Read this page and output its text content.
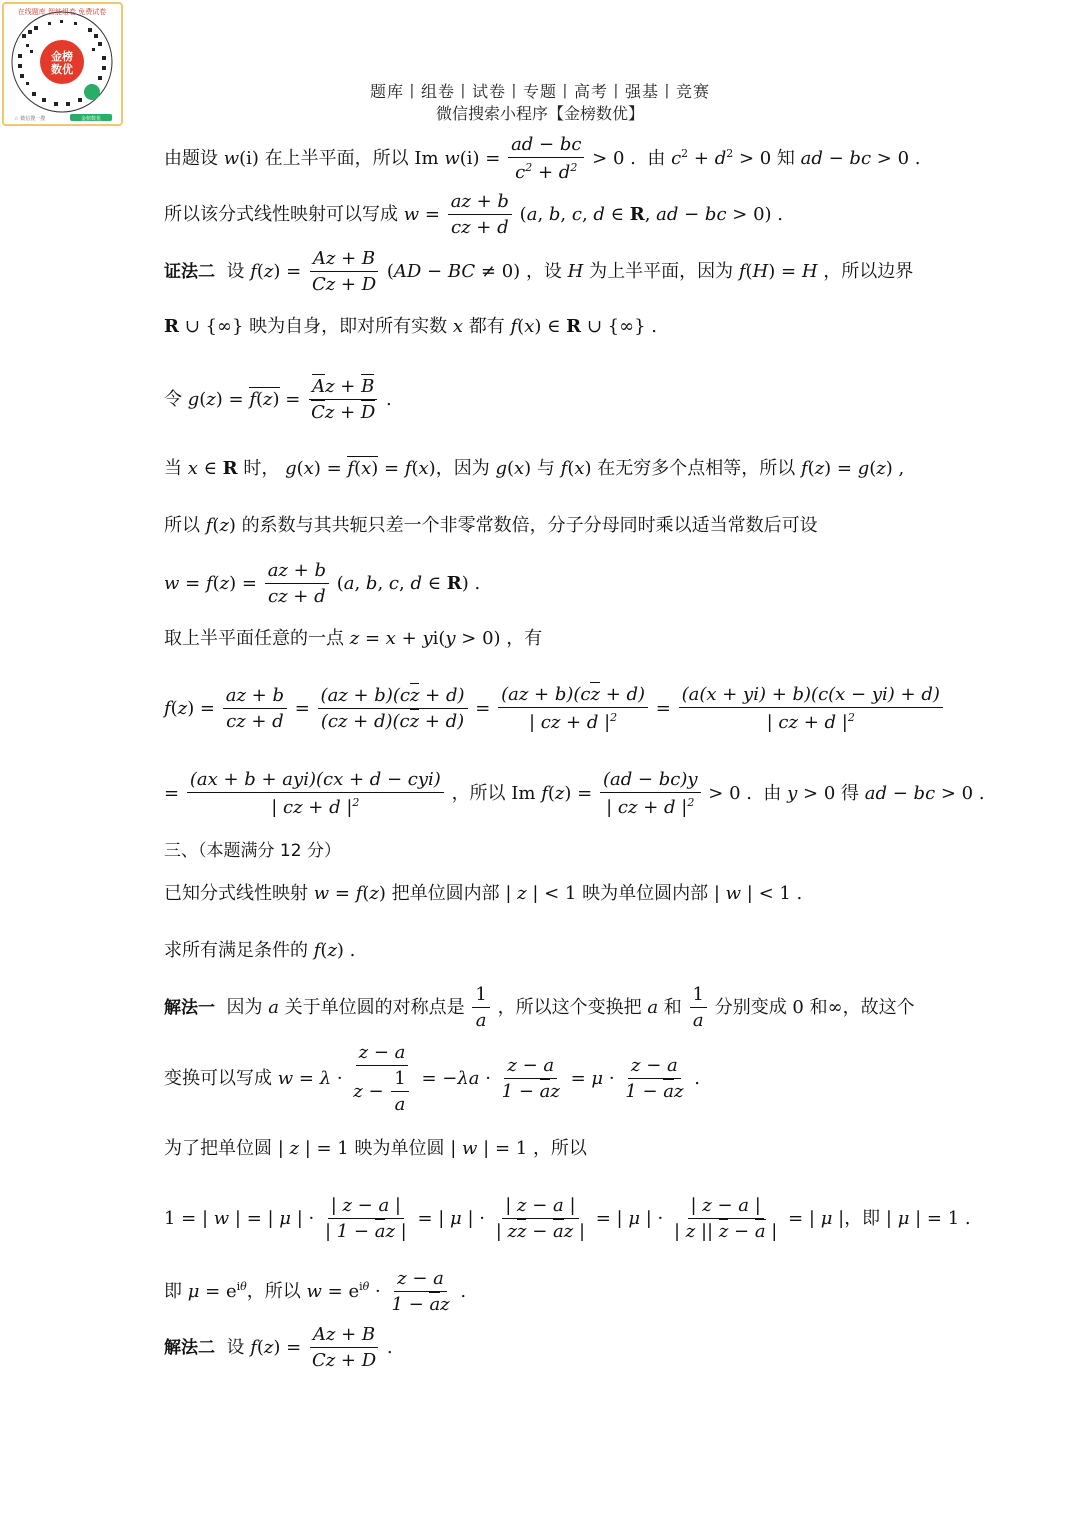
金榜
数优
在线题库 智能组卷 免费试卷
☆ 微信搜一搜	金榜数优
题库丨组卷丨试卷丨专题丨高考丨强基丨竞赛
微信搜索小程序【金榜数优】
由题设 w(i) 在上半平面，所以 Im $w(i) = \frac{ad - bc}{c^2 + d^2} > 0$ .  由 $c^2 + d^2 > 0$ 知 ad − bc > 0 .
所以该分式线性映射可以写成 $w = \frac{az + b}{cz + d} (a$, b, c, d ∈ R, ad − bc > 0) .
证法二 设 $f(z) = \frac{Az + B}{Cz + D} (AD$ − BC ≠ 0) ，设 H 为上半平面，因为 f(H) = H ，所以边界
R ∪ {∞} 映为自身，即对所有实数 x 都有 f(x) ∈ R ∪ {∞} .
令 $g(z) = f(z) = \frac{Az + B}{Cz + D}$ .
当 x ∈ R 时， g(x) = f(x) = f(x)，因为 g(x) 与 f(x) 在无穷多个点相等，所以 f(z) = g(z) ,
所以 f(z) 的系数与其共轭只差一个非零常数倍，分子分母同时乘以适当常数后可设
$w = f(z) = \frac{az + b}{cz + d} (a$, b, c, d ∈ R) .
取上半平面任意的一点 z = x + yi(y > 0) ，有
$f(z) = \frac{az + b}{cz + d} = \frac{(az + b)(cz + d)}{(cz + d)(cz + d)} = \frac{(az + b)(cz + d)}{| cz + d |^2} = \frac{(a(x + yi) + b)(c(x - yi) + d)}{| cz + d |^2}$
= $\frac{\text{(ax + b + ayi)(cx + d − cyi)}}{| cz + d |^2}$ ，所以 Im $f(z) = \frac{(ad - bc)y}{| cz + d |^2} > 0$ .  由 y > 0 得 ad − bc > 0 .
三、（本题满分 12 分）
已知分式线性映射 w = f(z) 把单位圆内部 | z | < 1 映为单位圆内部 | w | < 1 .
求所有满足条件的 f(z) .
解法一 因为 a 关于单位圆的对称点是 $\frac{1}{a}$ ，所以这个变换把 a 和 $\frac{1}{a}$ 分别变成 0 和∞，故这个
变换可以写成 $w = \lambda \cdot \frac{z - a}{z - \frac{1}{a}} = -\lambda a \cdot \frac{z - a}{1 - az} = \mu \cdot \frac{z - a}{1 - az}$ .
为了把单位圆 | z | = 1 映为单位圆 | w | = 1 ，所以
1 = | w | = | μ | · $\frac{| z - a |}{| 1 - az |}$ = | μ | · $\frac{| z - a |}{| zz - az |}$ = | μ | · $\frac{| z - a |}{| z || z - a |}$ = | μ |，即 | μ | = 1 .
即 $\mu = e^{i\theta}$，所以 $w = e^{i\theta} \cdot \frac{z - a}{1 - az}$ .
解法二 设 $f(z) = \frac{Az + B}{Cz + D}$ .
